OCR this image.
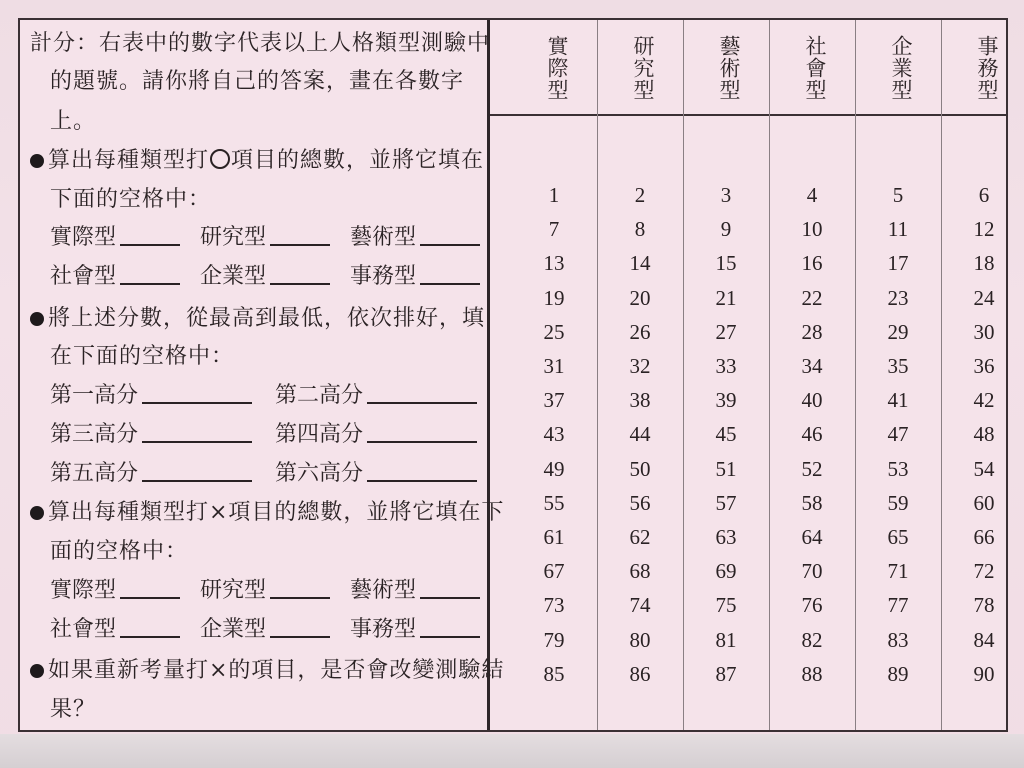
計分：右表中的數字代表以上人格類型測驗中
的題號。請你將自己的答案，畫在各數字
上。
算出每種類型打○項目的總數，並將它填在
下面的空格中：
實際型	研究型	藝術型
社會型	企業型	事務型
將上述分數，從最高到最低，依次排好，填
在下面的空格中：
第一高分	第二高分
第三高分	第四高分
第五高分	第六高分
算出每種類型打×項目的總數，並將它填在下
面的空格中：
實際型	研究型	藝術型
社會型	企業型	事務型
如果重新考量打×的項目，是否會改變測驗結
果？
實際型	研究型	藝術型	社會型	企業型	事務型
1	2	3	4	5	6
7	8	9	10	11	12
13	14	15	16	17	18
19	20	21	22	23	24
25	26	27	28	29	30
31	32	33	34	35	36
37	38	39	40	41	42
43	44	45	46	47	48
49	50	51	52	53	54
55	56	57	58	59	60
61	62	63	64	65	66
67	68	69	70	71	72
73	74	75	76	77	78
79	80	81	82	83	84
85	86	87	88	89	90
